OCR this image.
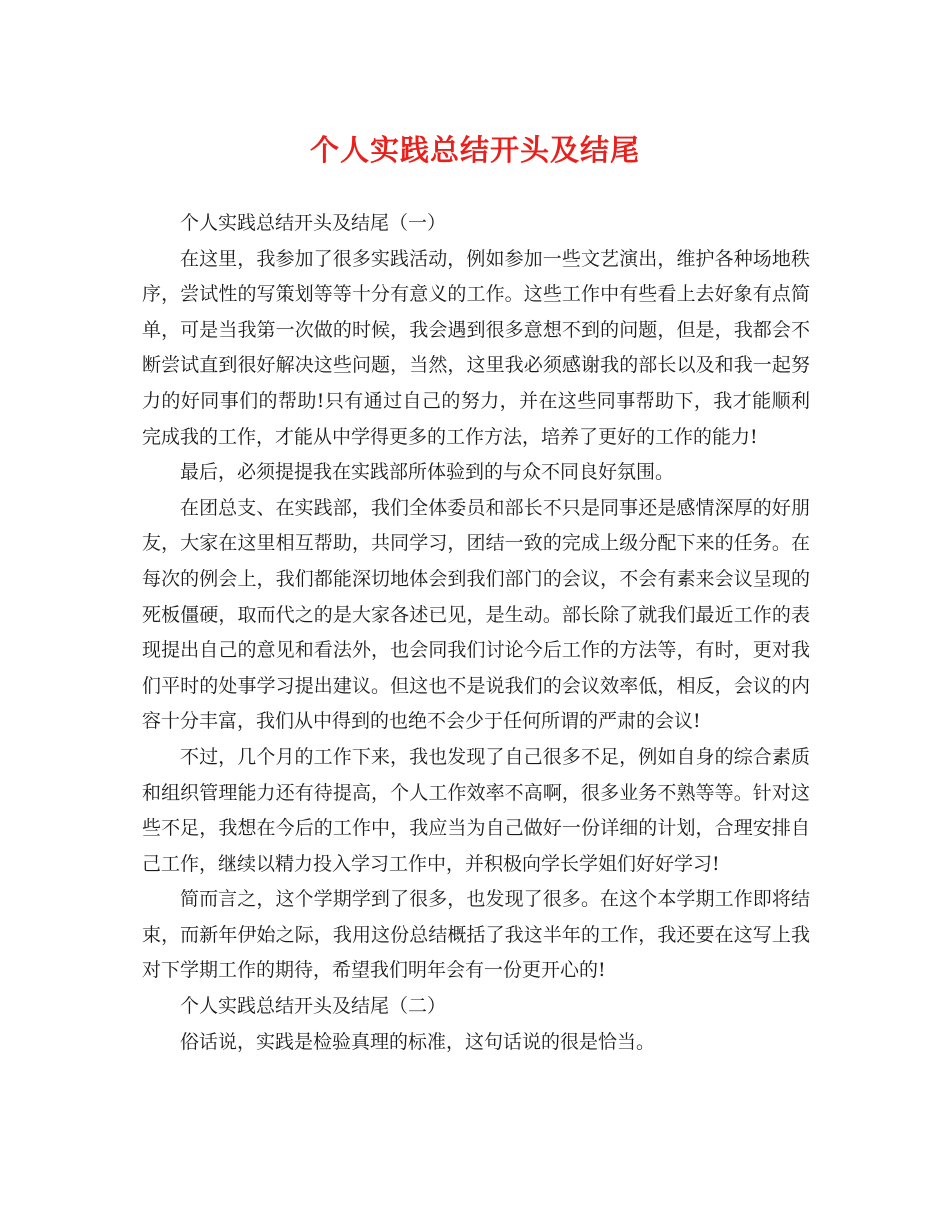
个人实践总结开头及结尾

个人实践总结开头及结尾（一）

在这里，我参加了很多实践活动，例如参加一些文艺演出，维护各种场地秩序，尝试性的写策划等等十分有意义的工作。这些工作中有些看上去好象有点简单，可是当我第一次做的时候，我会遇到很多意想不到的问题，但是，我都会不断尝试直到很好解决这些问题，当然，这里我必须感谢我的部长以及和我一起努力的好同事们的帮助!只有通过自己的努力，并在这些同事帮助下，我才能顺利完成我的工作，才能从中学得更多的工作方法，培养了更好的工作的能力!

最后，必须提提我在实践部所体验到的与众不同良好氛围。

在团总支、在实践部，我们全体委员和部长不只是同事还是感情深厚的好朋友，大家在这里相互帮助，共同学习，团结一致的完成上级分配下来的任务。在每次的例会上，我们都能深切地体会到我们部门的会议，不会有素来会议呈现的死板僵硬，取而代之的是大家各述已见，是生动。部长除了就我们最近工作的表现提出自己的意见和看法外，也会同我们讨论今后工作的方法等，有时，更对我们平时的处事学习提出建议。但这也不是说我们的会议效率低，相反，会议的内容十分丰富，我们从中得到的也绝不会少于任何所谓的严肃的会议!

不过，几个月的工作下来，我也发现了自己很多不足，例如自身的综合素质和组织管理能力还有待提高，个人工作效率不高啊，很多业务不熟等等。针对这些不足，我想在今后的工作中，我应当为自己做好一份详细的计划，合理安排自己工作，继续以精力投入学习工作中，并积极向学长学姐们好好学习!

简而言之，这个学期学到了很多，也发现了很多。在这个本学期工作即将结束，而新年伊始之际，我用这份总结概括了我这半年的工作，我还要在这写上我对下学期工作的期待，希望我们明年会有一份更开心的!

个人实践总结开头及结尾（二）

俗话说，实践是检验真理的标准，这句话说的很是恰当。
